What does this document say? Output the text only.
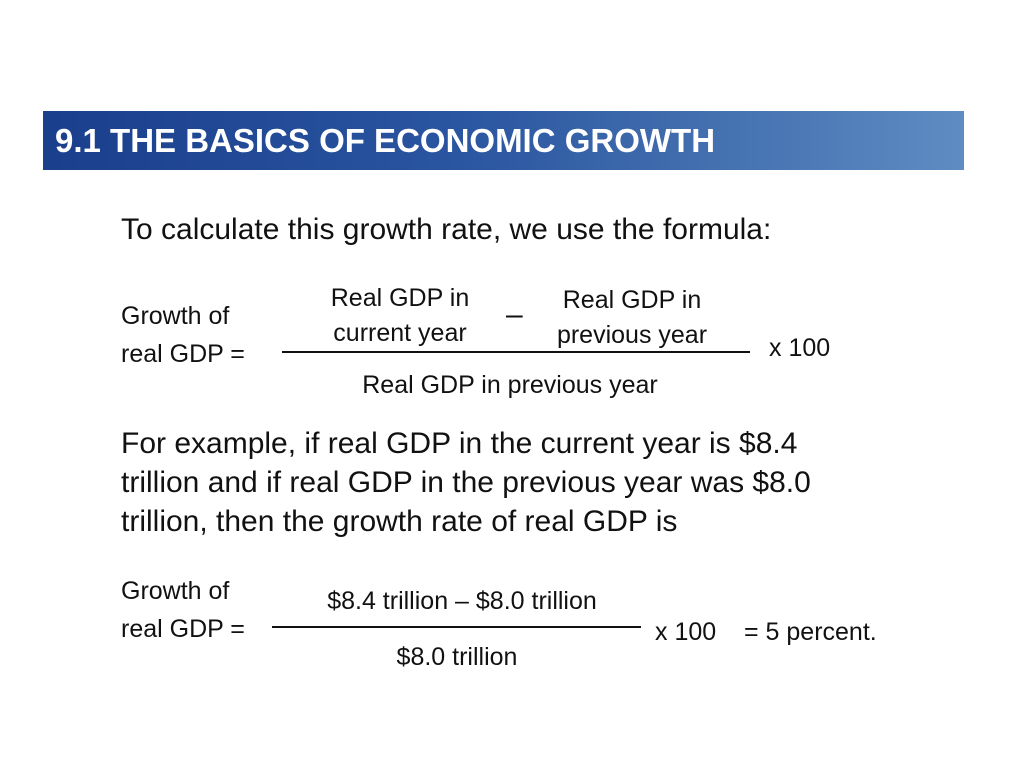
9.1 THE BASICS OF ECONOMIC GROWTH
To calculate this growth rate, we use the formula:
Growth of
real GDP =
Real GDP in
current year
–	Real GDP in
previous year
Real GDP in previous year
x 100
For example, if real GDP in the current year is $8.4
trillion and if real GDP in the previous year was $8.0
trillion, then the growth rate of real GDP is
Growth of
real GDP =
$8.4 trillion – $8.0 trillion
$8.0 trillion
x 100 = 5 percent.
